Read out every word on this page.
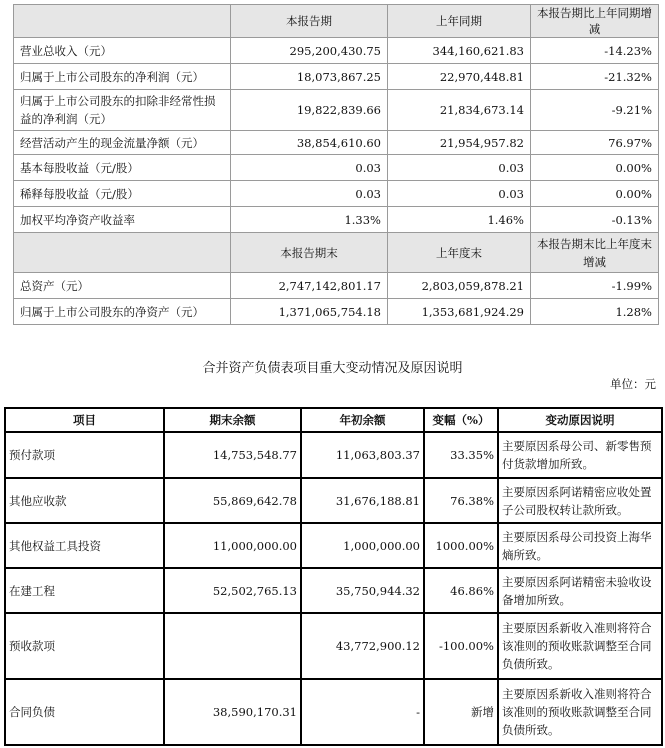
	本报告期	上年同期	本报告期比上年同期增减
营业总收入（元）	295,200,430.75	344,160,621.83	-14.23%
归属于上市公司股东的净利润（元）	18,073,867.25	22,970,448.81	-21.32%
归属于上市公司股东的扣除非经常性损益的净利润（元）	19,822,839.66	21,834,673.14	-9.21%
经营活动产生的现金流量净额（元）	38,854,610.60	21,954,957.82	76.97%
基本每股收益（元/股）	0.03	0.03	0.00%
稀释每股收益（元/股）	0.03	0.03	0.00%
加权平均净资产收益率	1.33%	1.46%	-0.13%
	本报告期末	上年度末	本报告期末比上年度末增减
总资产（元）	2,747,142,801.17	2,803,059,878.21	-1.99%
归属于上市公司股东的净资产（元）	1,371,065,754.18	1,353,681,924.29	1.28%
合并资产负债表项目重大变动情况及原因说明
单位：元
项目	期末余额	年初余额	变幅（%）	变动原因说明
预付款项	14,753,548.77	11,063,803.37	33.35%	主要原因系母公司、新零售预付货款增加所致。
其他应收款	55,869,642.78	31,676,188.81	76.38%	主要原因系阿诺精密应收处置子公司股权转让款所致。
其他权益工具投资	11,000,000.00	1,000,000.00	1000.00%	主要原因系母公司投资上海华熵所致。
在建工程	52,502,765.13	35,750,944.32	46.86%	主要原因系阿诺精密未验收设备增加所致。
预收款项		43,772,900.12	-100.00%	主要原因系新收入准则将符合该准则的预收账款调整至合同负债所致。
合同负债	38,590,170.31	-	新增	主要原因系新收入准则将符合该准则的预收账款调整至合同负债所致。
